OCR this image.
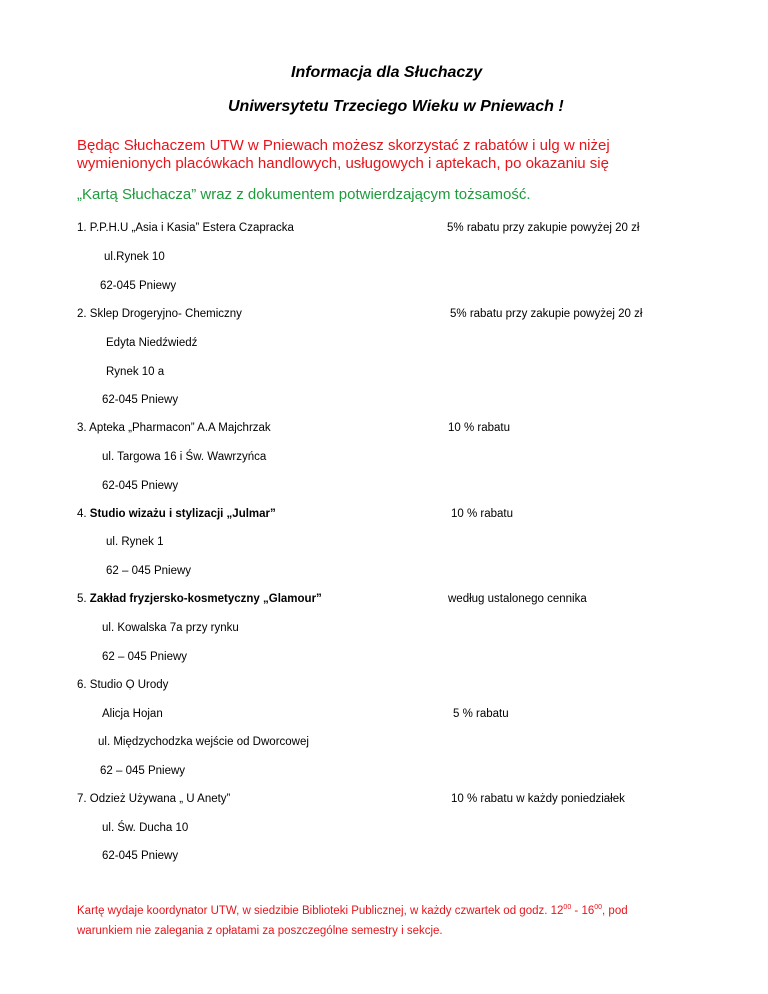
Informacja dla Słuchaczy
Uniwersytetu Trzeciego Wieku w Pniewach !
Będąc Słuchaczem UTW w Pniewach możesz skorzystać z rabatów i ulg w niżej
wymienionych placówkach handlowych, usługowych i aptekach, po okazaniu się
„Kartą Słuchacza” wraz z dokumentem potwierdzającym tożsamość.
1. P.P.H.U „Asia i Kasia” Estera Czapracka	5% rabatu przy zakupie powyżej 20 zł
ul.Rynek 10
62-045 Pniewy
2. Sklep Drogeryjno- Chemiczny	5% rabatu przy zakupie powyżej 20 zł
Edyta Niedźwiedź
Rynek 10 a
62-045 Pniewy
3. Apteka „Pharmacon” A.A Majchrzak	10 % rabatu
ul. Targowa 16 i Św. Wawrzyńca
62-045 Pniewy
4. Studio wizażu i stylizacji „Julmar”	10 % rabatu
ul. Rynek 1
62 – 045 Pniewy
5. Zakład fryzjersko-kosmetyczny „Glamour”	według ustalonego cennika
ul. Kowalska 7a przy rynku
62 – 045 Pniewy
6. Studio Ọ Urody
Alicja Hojan	5 % rabatu
ul. Międzychodzka wejście od Dworcowej
62 – 045 Pniewy
7. Odzież Używana „ U Anety”	10 % rabatu w każdy poniedziałek
ul. Św. Ducha 10
62-045 Pniewy
Kartę wydaje koordynator UTW, w siedzibie Biblioteki Publicznej, w każdy czwartek od godz. $12^{00} - 16^{00}$, pod
warunkiem nie zalegania z opłatami za poszczególne semestry i sekcje.
